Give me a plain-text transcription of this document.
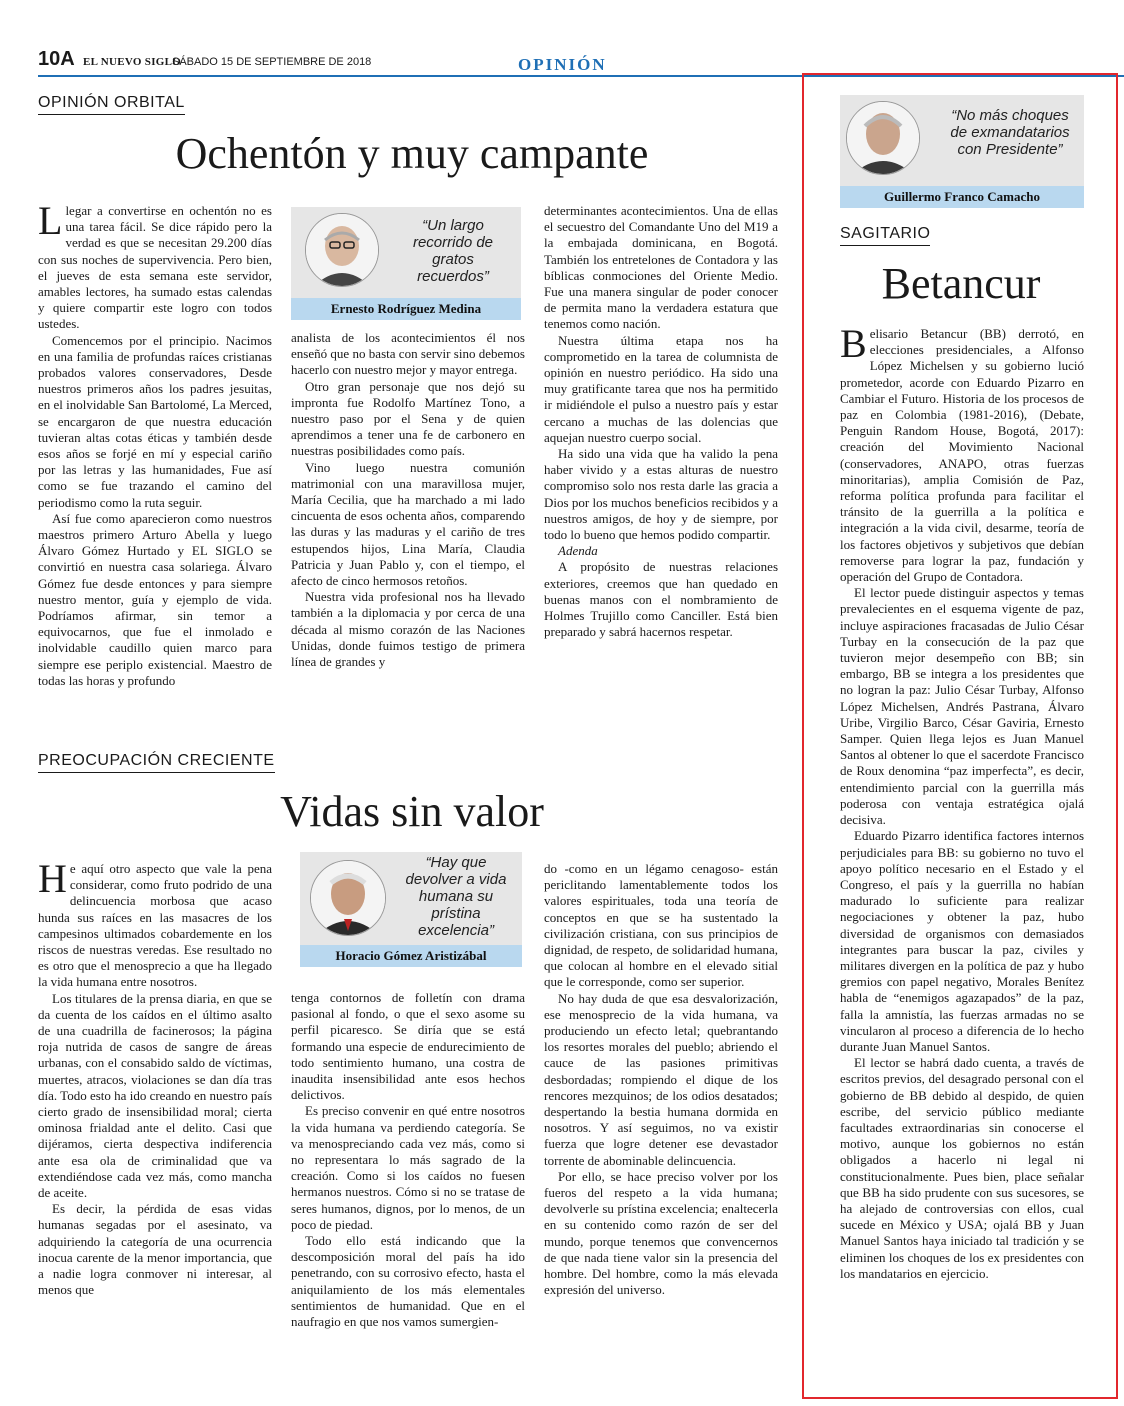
10A EL NUEVO SIGLO
SÁBADO 15 DE SEPTIEMBRE DE 2018	OPINIÓN
OPINIÓN ORBITAL
Ochentón y muy campante

Llegar a convertirse en ochentón no es una tarea fácil. Se dice rápido pero la verdad es que se necesitan 29.200 días con sus noches de supervivencia. Pero bien, el jueves de esta semana este servidor, amables lectores, ha sumado estas calendas y quiere compartir este logro con todos ustedes.

Comencemos por el principio. Nacimos en una familia de profundas raíces cristianas probados valores conservadores, Desde nuestros primeros años los padres jesuitas, en el inolvidable San Bartolomé, La Merced, se encargaron de que nuestra educación tuvieran altas cotas éticas y también desde esos años se forjé en mí y especial cariño por las letras y las humanidades, Fue así como se fue trazando el camino del periodismo como la ruta seguir.

Así fue como aparecieron como nuestros maestros primero Arturo Abella y luego Álvaro Gómez Hurtado y EL SIGLO se convirtió en nuestra casa solariega. Álvaro Gómez fue desde entonces y para siempre nuestro mentor, guía y ejemplo de vida. Podríamos afirmar, sin temor a equivocarnos, que fue el inmolado e inolvidable caudillo quien marco para siempre ese periplo existencial. Maestro de todas las horas y profundo

“Un largo recorrido de gratos recuerdos”
Ernesto Rodríguez Medina

analista de los acontecimientos él nos enseñó que no basta con servir sino debemos hacerlo con nuestro mejor y mayor entrega.

Otro gran personaje que nos dejó su impronta fue Rodolfo Martínez Tono, a nuestro paso por el Sena y de quien aprendimos a tener una fe de carbonero en nuestras posibilidades como país.

Vino luego nuestra comunión matrimonial con una maravillosa mujer, María Cecilia, que ha marchado a mi lado cincuenta de esos ochenta años, comparendo las duras y las maduras y el cariño de tres estupendos hijos, Lina María, Claudia Patricia y Juan Pablo y, con el tiempo, el afecto de cinco hermosos retoños.

Nuestra vida profesional nos ha llevado también a la diplomacia y por cerca de una década al mismo corazón de las Naciones Unidas, donde fuimos testigo de primera línea de grandes y

determinantes acontecimientos. Una de ellas el secuestro del Comandante Uno del M19 a la embajada dominicana, en Bogotá. También los entretelones de Contadora y las bíblicas conmociones del Oriente Medio. Fue una manera singular de poder conocer de permita mano la verdadera estatura que tenemos como nación.

Nuestra última etapa nos ha comprometido en la tarea de columnista de opinión en nuestro periódico. Ha sido una muy gratificante tarea que nos ha permitido ir midiéndole el pulso a nuestro país y estar cercano a muchas de las dolencias que aquejan nuestro cuerpo social.

Ha sido una vida que ha valido la pena haber vivido y a estas alturas de nuestro compromiso solo nos resta darle las gracia a Dios por los muchos beneficios recibidos y a nuestros amigos, de hoy y de siempre, por todo lo bueno que hemos podido compartir.

Adenda

A propósito de nuestras relaciones exteriores, creemos que han quedado en buenas manos con el nombramiento de Holmes Trujillo como Canciller. Está bien preparado y sabrá hacernos respetar.

PREOCUPACIÓN CRECIENTE
Vidas sin valor

He aquí otro aspecto que vale la pena considerar, como fruto podrido de una delincuencia morbosa que acaso hunda sus raíces en las masacres de los campesinos ultimados cobardemente en los riscos de nuestras veredas. Ese resultado no es otro que el menosprecio a que ha llegado la vida humana entre nosotros.

Los titulares de la prensa diaria, en que se da cuenta de los caídos en el último asalto de una cuadrilla de facinerosos; la página roja nutrida de casos de sangre de áreas urbanas, con el consabido saldo de víctimas, muertes, atracos, violaciones se dan día tras día. Todo esto ha ido creando en nuestro país cierto grado de insensibilidad moral; cierta ominosa frialdad ante el delito. Casi que dijéramos, cierta despectiva indiferencia ante esa ola de criminalidad que va extendiéndose cada vez más, como mancha de aceite.

Es decir, la pérdida de esas vidas humanas segadas por el asesinato, va adquiriendo la categoría de una ocurrencia inocua carente de la menor importancia, que a nadie logra conmover ni interesar, al menos que

“Hay que devolver a vida humana su prístina excelencia”
Horacio Gómez Aristizábal

tenga contornos de folletín con drama pasional al fondo, o que el sexo asome su perfil picaresco. Se diría que se está formando una especie de endurecimiento de todo sentimiento humano, una costra de inaudita insensibilidad ante esos hechos delictivos.

Es preciso convenir en qué entre nosotros la vida humana va perdiendo categoría. Se va menospreciando cada vez más, como si no representara lo más sagrado de la creación. Como si los caídos no fuesen hermanos nuestros. Cómo si no se tratase de seres humanos, dignos, por lo menos, de un poco de piedad.

Todo ello está indicando que la descomposición moral del país ha ido penetrando, con su corrosivo efecto, hasta el aniquilamiento de los más elementales sentimientos de humanidad. Que en el naufragio en que nos vamos sumergien-

do -como en un légamo cenagoso- están periclitando lamentablemente todos los valores espirituales, toda una teoría de conceptos en que se ha sustentado la civilización cristiana, con sus principios de dignidad, de respeto, de solidaridad humana, que colocan al hombre en el elevado sitial que le corresponde, como ser superior.

No hay duda de que esa desvalorización, ese menosprecio de la vida humana, va produciendo un efecto letal; quebrantando los resortes morales del pueblo; abriendo el cauce de las pasiones primitivas desbordadas; rompiendo el dique de los rencores mezquinos; de los odios desatados; despertando la bestia humana dormida en nosotros. Y así seguimos, no va existir fuerza que logre detener ese devastador torrente de abominable delincuencia.

Por ello, se hace preciso volver por los fueros del respeto a la vida humana; devolverle su prístina excelencia; enaltecerla en su contenido como razón de ser del mundo, porque tenemos que convencernos de que nada tiene valor sin la presencia del hombre. Del hombre, como la más elevada expresión del universo.

“No más choques de exmandatarios con Presidente”
Guillermo Franco Camacho
SAGITARIO
Betancur

Belisario Betancur (BB) derrotó, en elecciones presidenciales, a Alfonso López Michelsen y su gobierno lució prometedor, acorde con Eduardo Pizarro en Cambiar el Futuro. Historia de los procesos de paz en Colombia (1981-2016), (Debate, Penguin Random House, Bogotá, 2017): creación del Movimiento Nacional (conservadores, ANAPO, otras fuerzas minoritarias), amplia Comisión de Paz, reforma política profunda para facilitar el tránsito de la guerrilla a la política e integración a la vida civil, desarme, teoría de los factores objetivos y subjetivos que debían removerse para lograr la paz, fundación y operación del Grupo de Contadora.

El lector puede distinguir aspectos y temas prevalecientes en el esquema vigente de paz, incluye aspiraciones fracasadas de Julio César Turbay en la consecución de la paz que tuvieron mejor desempeño con BB; sin embargo, BB se integra a los presidentes que no logran la paz: Julio César Turbay, Alfonso López Michelsen, Andrés Pastrana, Álvaro Uribe, Virgilio Barco, César Gaviria, Ernesto Samper. Quien llega lejos es Juan Manuel Santos al obtener lo que el sacerdote Francisco de Roux denomina “paz imperfecta”, es decir, entendimiento parcial con la guerrilla más poderosa con ventaja estratégica ojalá decisiva.

Eduardo Pizarro identifica factores internos perjudiciales para BB: su gobierno no tuvo el apoyo político necesario en el Estado y el Congreso, el país y la guerrilla no habían madurado lo suficiente para realizar negociaciones y obtener la paz, hubo diversidad de organismos con demasiados integrantes para buscar la paz, civiles y militares divergen en la política de paz y hubo gremios con papel negativo, Morales Benítez habla de “enemigos agazapados” de la paz, falla la amnistía, las fuerzas armadas no se vincularon al proceso a diferencia de lo hecho durante Juan Manuel Santos.

El lector se habrá dado cuenta, a través de escritos previos, del desagrado personal con el gobierno de BB debido al despido, de quien escribe, del servicio público mediante facultades extraordinarias sin conocerse el motivo, aunque los gobiernos no están obligados a hacerlo ni legal ni constitucionalmente. Pues bien, place señalar que BB ha sido prudente con sus sucesores, se ha alejado de controversias con ellos, cual sucede en México y USA; ojalá BB y Juan Manuel Santos haya iniciado tal tradición y se eliminen los choques de los ex presidentes con los mandatarios en ejercicio.
